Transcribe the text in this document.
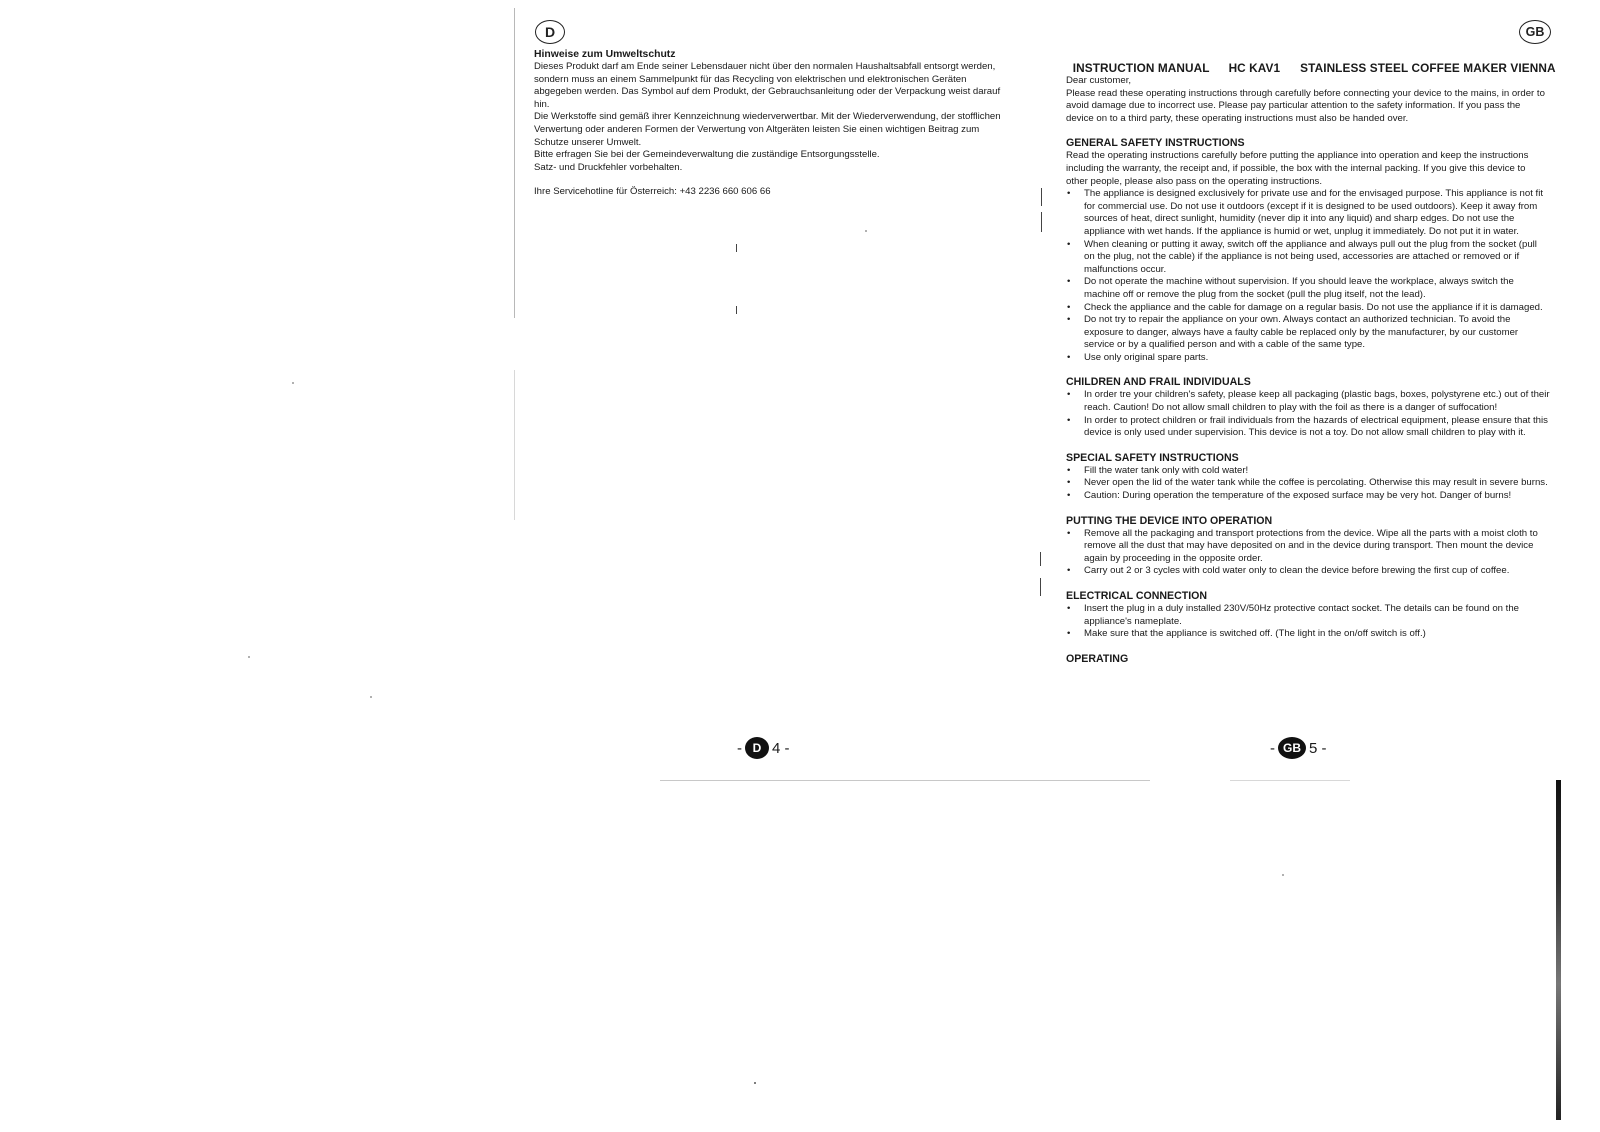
D
Hinweise zum Umweltschutz
Dieses Produkt darf am Ende seiner Lebensdauer nicht über den normalen Haushaltsabfall entsorgt werden, sondern muss an einem Sammelpunkt für das Recycling von elektrischen und elektronischen Geräten abgegeben werden. Das Symbol auf dem Produkt, der Gebrauchsanleitung oder der Verpackung weist darauf hin.
Die Werkstoffe sind gemäß ihrer Kennzeichnung wiederverwertbar. Mit der Wiederverwendung, der stofflichen Verwertung oder anderen Formen der Verwertung von Altgeräten leisten Sie einen wichtigen Beitrag zum Schutze unserer Umwelt.
Bitte erfragen Sie bei der Gemeindeverwaltung die zuständige Entsorgungsstelle.
Satz- und Druckfehler vorbehalten.
Ihre Servicehotline für Österreich: +43 2236 660 606 66
- D 4 -
GB

INSTRUCTION MANUAL HC KAV1 STAINLESS STEEL COFFEE MAKER VIENNA

Dear customer,
Please read these operating instructions through carefully before connecting your device to the mains, in order to avoid damage due to incorrect use. Please pay particular attention to the safety information. If you pass the device on to a third party, these operating instructions must also be handed over.
GENERAL SAFETY INSTRUCTIONS
Read the operating instructions carefully before putting the appliance into operation and keep the instructions including the warranty, the receipt and, if possible, the box with the internal packing. If you give this device to other people, please also pass on the operating instructions.
• The appliance is designed exclusively for private use and for the envisaged purpose. This appliance is not fit for commercial use. Do not use it outdoors (except if it is designed to be used outdoors). Keep it away from sources of heat, direct sunlight, humidity (never dip it into any liquid) and sharp edges. Do not use the appliance with wet hands. If the appliance is humid or wet, unplug it immediately. Do not put it in water.
• When cleaning or putting it away, switch off the appliance and always pull out the plug from the socket (pull on the plug, not the cable) if the appliance is not being used, accessories are attached or removed or if malfunctions occur.
• Do not operate the machine without supervision. If you should leave the workplace, always switch the machine off or remove the plug from the socket (pull the plug itself, not the lead).
• Check the appliance and the cable for damage on a regular basis. Do not use the appliance if it is damaged.
• Do not try to repair the appliance on your own. Always contact an authorized technician. To avoid the exposure to danger, always have a faulty cable be replaced only by the manufacturer, by our customer service or by a qualified person and with a cable of the same type.
• Use only original spare parts.
CHILDREN AND FRAIL INDIVIDUALS
• In order tre your children's safety, please keep all packaging (plastic bags, boxes, polystyrene etc.) out of their reach. Caution! Do not allow small children to play with the foil as there is a danger of suffocation!
• In order to protect children or frail individuals from the hazards of electrical equipment, please ensure that this device is only used under supervision. This device is not a toy. Do not allow small children to play with it.
SPECIAL SAFETY INSTRUCTIONS
• Fill the water tank only with cold water!
• Never open the lid of the water tank while the coffee is percolating. Otherwise this may result in severe burns.
• Caution: During operation the temperature of the exposed surface may be very hot. Danger of burns!
PUTTING THE DEVICE INTO OPERATION
• Remove all the packaging and transport protections from the device. Wipe all the parts with a moist cloth to remove all the dust that may have deposited on and in the device during transport. Then mount the device again by proceeding in the opposite order.
• Carry out 2 or 3 cycles with cold water only to clean the device before brewing the first cup of coffee.
ELECTRICAL CONNECTION
• Insert the plug in a duly installed 230V/50Hz protective contact socket. The details can be found on the appliance's nameplate.
• Make sure that the appliance is switched off. (The light in the on/off switch is off.)
OPERATING
- GB 5 -
